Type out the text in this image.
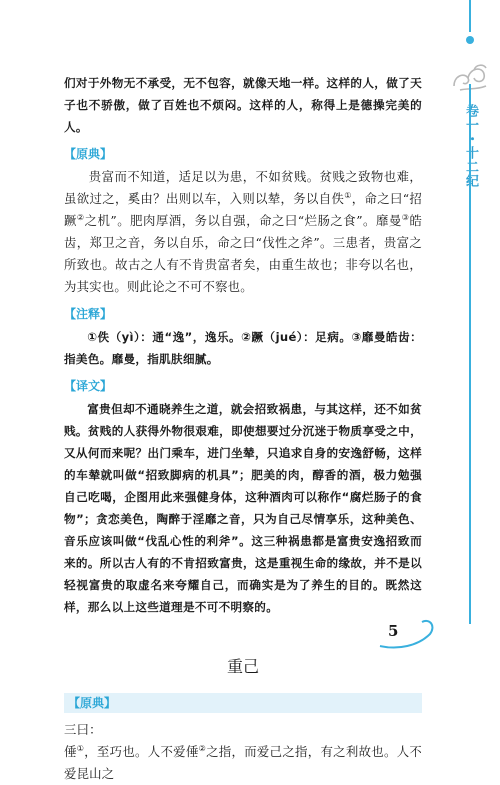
们对于外物无不承受，无不包容，就像天地一样。这样的人，做了天子也不骄傲，做了百姓也不烦闷。这样的人，称得上是德操完美的人。

【原典】

贵富而不知道，适足以为患，不如贫贱。贫贱之致物也难，虽欲过之，奚由？出则以车，入则以辇，务以自佚①，命之曰“招蹶②之机”。肥肉厚酒，务以自强，命之曰“烂肠之食”。靡曼③皓齿，郑卫之音，务以自乐，命之曰“伐性之斧”。三患者，贵富之所致也。故古之人有不肯贵富者矣，由重生故也；非夸以名也，为其实也。则此论之不可不察也。

【注释】

①佚（yì）：通“逸”，逸乐。②蹶（jué）：足病。③靡曼皓齿：指美色。靡曼，指肌肤细腻。

【译文】

富贵但却不通晓养生之道，就会招致祸患，与其这样，还不如贫贱。贫贱的人获得外物很艰难，即使想要过分沉迷于物质享受之中，又从何而来呢？出门乘车，进门坐辇，只追求自身的安逸舒畅，这样的车辇就叫做“招致脚病的机具”；肥美的肉，醇香的酒，极力勉强自己吃喝，企图用此来强健身体，这种酒肉可以称作“腐烂肠子的食物”；贪恋美色，陶醉于淫靡之音，只为自己尽情享乐，这种美色、音乐应该叫做“伐乱心性的利斧”。这三种祸患都是富贵安逸招致而来的。所以古人有的不肯招致富贵，这是重视生命的缘故，并不是以轻视富贵的取虚名来夸耀自己，而确实是为了养生的目的。既然这样，那么以上这些道理是不可不明察的。

重己
【原典】

三曰：

倕①，至巧也。人不爱倕②之指，而爱己之指，有之利故也。人不爱昆山之

5
